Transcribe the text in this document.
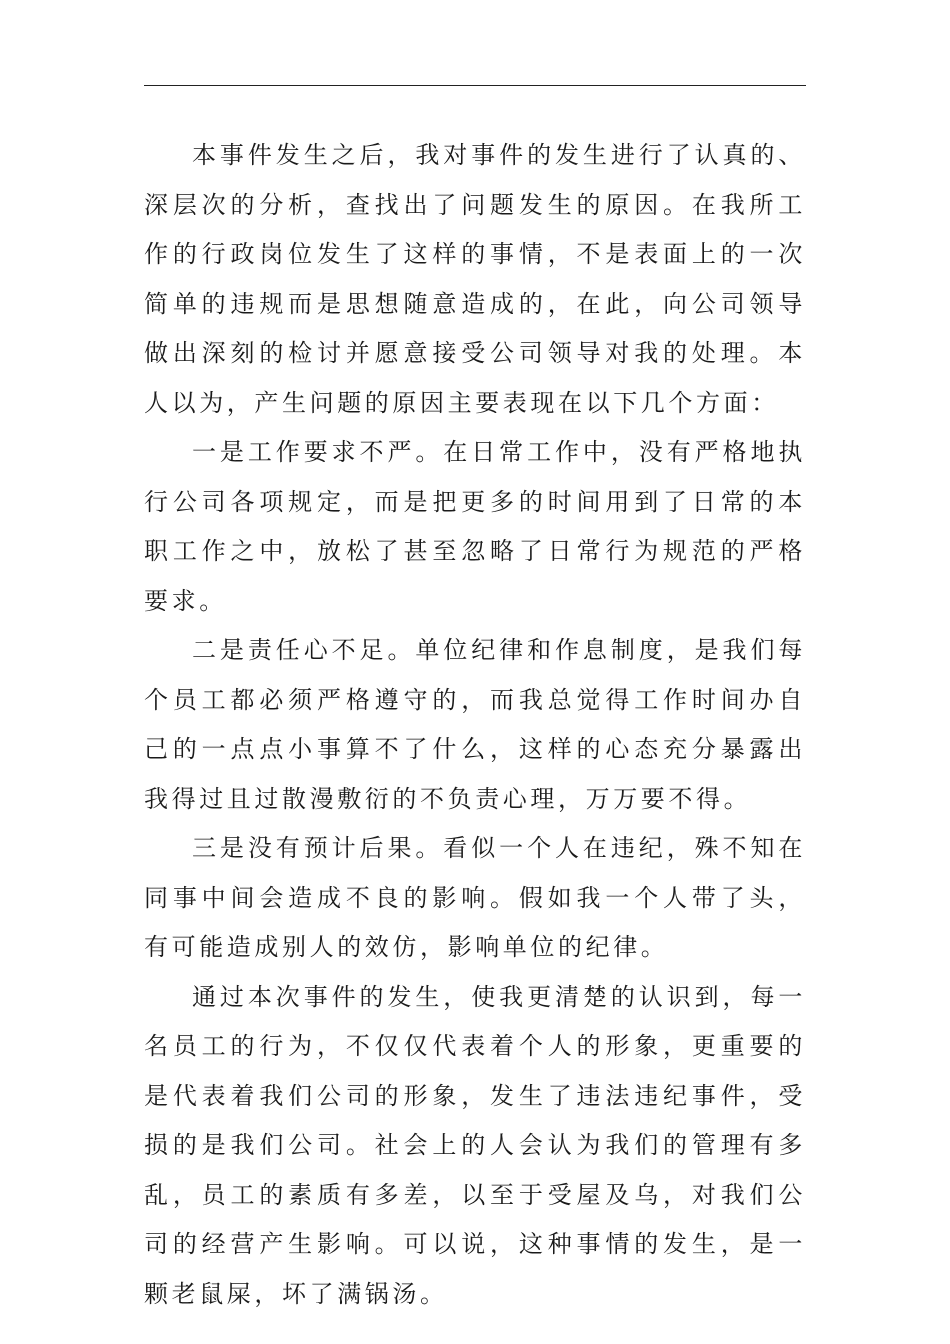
本事件发生之后，我对事件的发生进行了认真的、深层次的分析，查找出了问题发生的原因。在我所工作的行政岗位发生了这样的事情，不是表面上的一次简单的违规而是思想随意造成的，在此，向公司领导做出深刻的检讨并愿意接受公司领导对我的处理。本人以为，产生问题的原因主要表现在以下几个方面：

一是工作要求不严。在日常工作中，没有严格地执行公司各项规定，而是把更多的时间用到了日常的本职工作之中，放松了甚至忽略了日常行为规范的严格要求。

二是责任心不足。单位纪律和作息制度，是我们每个员工都必须严格遵守的，而我总觉得工作时间办自己的一点点小事算不了什么，这样的心态充分暴露出我得过且过散漫敷衍的不负责心理，万万要不得。

三是没有预计后果。看似一个人在违纪，殊不知在同事中间会造成不良的影响。假如我一个人带了头，有可能造成别人的效仿，影响单位的纪律。

通过本次事件的发生，使我更清楚的认识到，每一名员工的行为，不仅仅代表着个人的形象，更重要的是代表着我们公司的形象，发生了违法违纪事件，受损的是我们公司。社会上的人会认为我们的管理有多乱，员工的素质有多差，以至于受屋及乌，对我们公司的经营产生影响。可以说，这种事情的发生，是一颗老鼠屎，坏了满锅汤。
